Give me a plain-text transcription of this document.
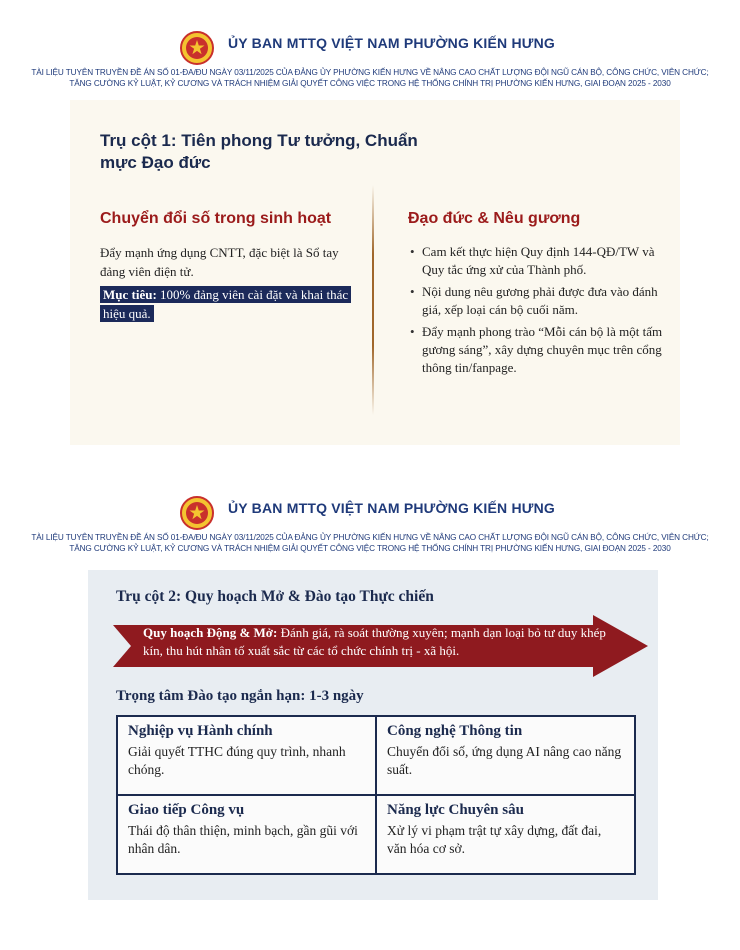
ỦY BAN MTTQ VIỆT NAM PHƯỜNG KIẾN HƯNG
TÀI LIỆU TUYÊN TRUYỀN ĐỀ ÁN SỐ 01-ĐA/ĐU NGÀY 03/11/2025 CỦA ĐẢNG ỦY PHƯỜNG KIẾN HƯNG VỀ NÂNG CAO CHẤT LƯỢNG ĐỘI NGŨ CÁN BỘ, CÔNG CHỨC, VIÊN CHỨC;
TĂNG CƯỜNG KỶ LUẬT, KỶ CƯƠNG VÀ TRÁCH NHIỆM GIẢI QUYẾT CÔNG VIỆC TRONG HỆ THỐNG CHÍNH TRỊ PHƯỜNG KIẾN HƯNG, GIAI ĐOẠN 2025 - 2030
Trụ cột 1: Tiên phong Tư tưởng, Chuẩn mực Đạo đức
Chuyển đổi số trong sinh hoạt
Đẩy mạnh ứng dụng CNTT, đặc biệt là Sổ tay đảng viên điện tử.
Mục tiêu: 100% đảng viên cài đặt và khai thác hiệu quả.
Đạo đức & Nêu gương
• Cam kết thực hiện Quy định 144-QĐ/TW và Quy tắc ứng xử của Thành phố.
• Nội dung nêu gương phải được đưa vào đánh giá, xếp loại cán bộ cuối năm.
• Đẩy mạnh phong trào “Mỗi cán bộ là một tấm gương sáng”, xây dựng chuyên mục trên cổng thông tin/fanpage.
ỦY BAN MTTQ VIỆT NAM PHƯỜNG KIẾN HƯNG
TÀI LIỆU TUYÊN TRUYỀN ĐỀ ÁN SỐ 01-ĐA/ĐU NGÀY 03/11/2025 CỦA ĐẢNG ỦY PHƯỜNG KIẾN HƯNG VỀ NÂNG CAO CHẤT LƯỢNG ĐỘI NGŨ CÁN BỘ, CÔNG CHỨC, VIÊN CHỨC;
TĂNG CƯỜNG KỶ LUẬT, KỶ CƯƠNG VÀ TRÁCH NHIỆM GIẢI QUYẾT CÔNG VIỆC TRONG HỆ THỐNG CHÍNH TRỊ PHƯỜNG KIẾN HƯNG, GIAI ĐOẠN 2025 - 2030
Trụ cột 2: Quy hoạch Mở & Đào tạo Thực chiến
Quy hoạch Động & Mở: Đánh giá, rà soát thường xuyên; mạnh dạn loại bỏ tư duy khép kín, thu hút nhân tố xuất sắc từ các tổ chức chính trị - xã hội.
Trọng tâm Đào tạo ngắn hạn: 1-3 ngày
Nghiệp vụ Hành chính
Giải quyết TTHC đúng quy trình, nhanh chóng.
Công nghệ Thông tin
Chuyển đổi số, ứng dụng AI nâng cao năng suất.
Giao tiếp Công vụ
Thái độ thân thiện, minh bạch, gần gũi với nhân dân.
Năng lực Chuyên sâu
Xử lý vi phạm trật tự xây dựng, đất đai, văn hóa cơ sở.
